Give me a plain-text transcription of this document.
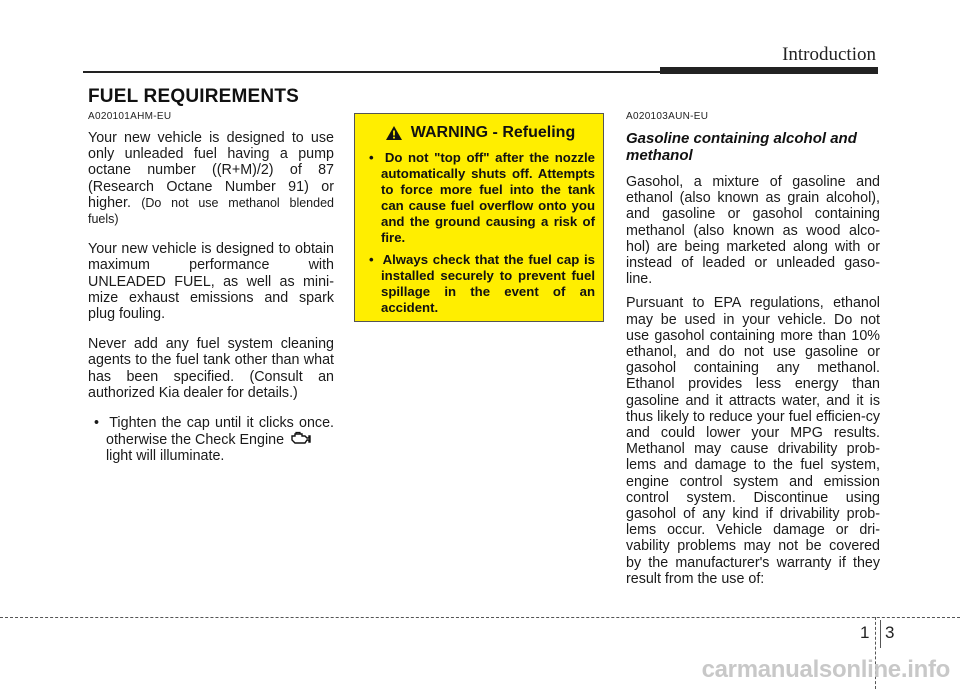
Introduction
FUEL REQUIREMENTS
A020101AHM-EU

Your new vehicle is designed to use only unleaded fuel having a pump octane number ((R+M)/2) of 87 (Research Octane Number 91) or higher. (Do not use methanol blended fuels)

Your new vehicle is designed to obtain maximum performance with UNLEADED FUEL, as well as mini-mize exhaust emissions and spark plug fouling.

Never add any fuel system cleaning agents to the fuel tank other than what has been specified. (Consult an authorized Kia dealer for details.)

• Tighten the cap until it clicks once. otherwise the Check Engine
light will illuminate.

WARNING - Refueling

• Do not "top off" after the nozzle automatically shuts off. Attempts to force more fuel into the tank can cause fuel overflow onto you and the ground causing a risk of fire.

• Always check that the fuel cap is installed securely to prevent fuel spillage in the event of an accident.

A020103AUN-EU
Gasoline containing alcohol and methanol

Gasohol, a mixture of gasoline and ethanol (also known as grain alcohol), and gasoline or gasohol containing methanol (also known as wood alco-hol) are being marketed along with or instead of leaded or unleaded gaso-line.

Pursuant to EPA regulations, ethanol may be used in your vehicle. Do not use gasohol containing more than 10% ethanol, and do not use gasoline or gasohol containing any methanol. Ethanol provides less energy than gasoline and it attracts water, and it is thus likely to reduce your fuel efficien-cy and could lower your MPG results. Methanol may cause drivability prob-lems and damage to the fuel system, engine control system and emission control system. Discontinue using gasohol of any kind if drivability prob-lems occur. Vehicle damage or dri-vability problems may not be covered by the manufacturer's warranty if they result from the use of:

1 3
carmanualsonline.info
